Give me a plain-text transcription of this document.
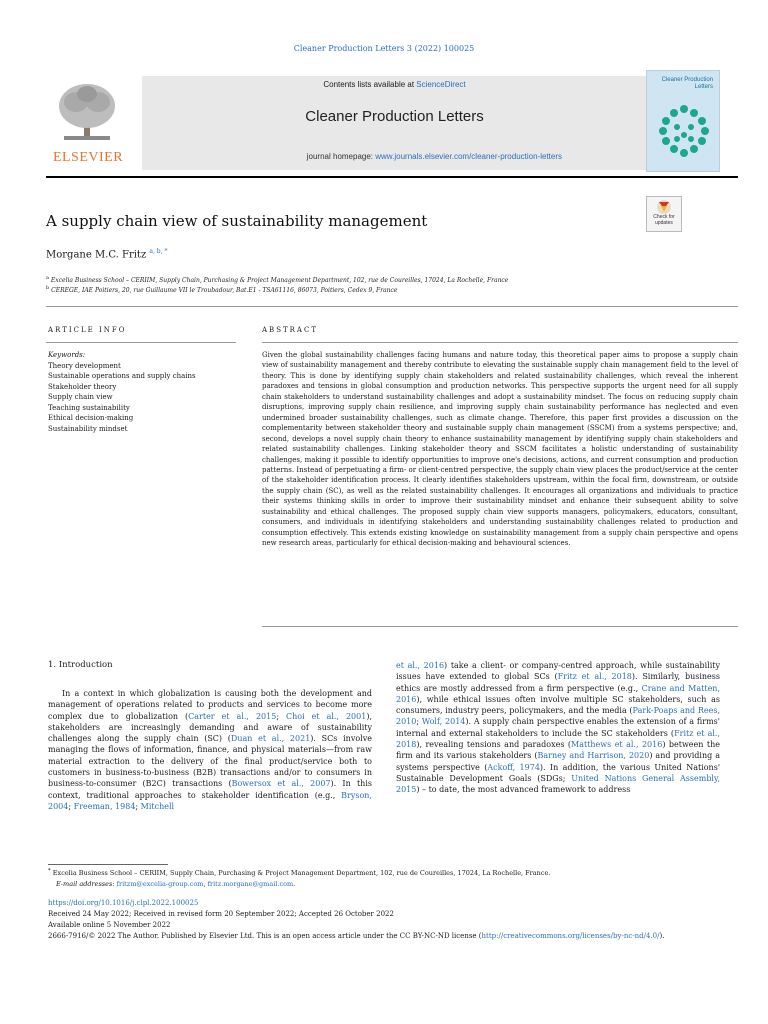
Cleaner Production Letters 3 (2022) 100025
ELSEVIER
Contents lists available at ScienceDirect
Cleaner Production Letters
journal homepage: www.journals.elsevier.com/cleaner-production-letters
Cleaner Production Letters
A supply chain view of sustainability management	Check for updates
Morgane M.C. Fritz $^{a, b, *}$
$^a$ Excelia Business School – CERIIM, Supply Chain, Purchasing & Project Management Department, 102, rue de Coureilles, 17024, La Rochelle, France
$^b$ CEREGE, IAE Poitiers, 20, rue Guillaume VII le Troubadour, Bat.E1 - TSA61116, 86073, Poitiers, Cedex 9, France
ARTICLE INFO	ABSTRACT
Keywords:
Theory development
Sustainable operations and supply chains
Stakeholder theory
Supply chain view
Teaching sustainability
Ethical decision-making
Sustainability mindset
Given the global sustainability challenges facing humans and nature today, this theoretical paper aims to propose a supply chain view of sustainability management and thereby contribute to elevating the sustainable supply chain management field to the level of theory. This is done by identifying supply chain stakeholders and related sustainability challenges, which reveal the inherent paradoxes and tensions in global consumption and production networks. This perspective supports the urgent need for all supply chain stakeholders to understand sustainability challenges and adopt a sustainability mindset. The focus on reducing supply chain disruptions, improving supply chain resilience, and improving supply chain sustainability performance has neglected and even undermined broader sustainability challenges, such as climate change. Therefore, this paper first provides a discussion on the complementarity between stakeholder theory and sustainable supply chain management (SSCM) from a systems perspective; and, second, develops a novel supply chain theory to enhance sustainability management by identifying supply chain stakeholders and related sustainability challenges. Linking stakeholder theory and SSCM facilitates a holistic understanding of sustainability challenges, making it possible to identify opportunities to improve one's decisions, actions, and current consumption and production patterns. Instead of perpetuating a firm- or client-centred perspective, the supply chain view places the product/service at the center of the stakeholder identification process. It clearly identifies stakeholders upstream, within the focal firm, downstream, or outside the supply chain (SC), as well as the related sustainability challenges. It encourages all organizations and individuals to practice their systems thinking skills in order to improve their sustainability mindset and enhance their subsequent ability to solve sustainability and ethical challenges. The proposed supply chain view supports managers, policymakers, educators, consultant, consumers, and individuals in identifying stakeholders and understanding sustainability challenges related to production and consumption effectively. This extends existing knowledge on sustainability management from a supply chain perspective and opens new research areas, particularly for ethical decision-making and behavioural sciences.
1. Introduction
In a context in which globalization is causing both the development and management of operations related to products and services to become more complex due to globalization (Carter et al., 2015; Choi et al., 2001), stakeholders are increasingly demanding and aware of sustainability challenges along the supply chain (SC) (Duan et al., 2021). SCs involve managing the flows of information, finance, and physical materials—from raw material extraction to the delivery of the final product/service both to customers in business-to-business (B2B) transactions and/or to consumers in business-to-consumer (B2C) transactions (Bowersox et al., 2007). In this context, traditional approaches to stakeholder identification (e.g., Bryson, 2004; Freeman, 1984; Mitchell
et al., 2016) take a client- or company-centred approach, while sustainability issues have extended to global SCs (Fritz et al., 2018). Similarly, business ethics are mostly addressed from a firm perspective (e.g., Crane and Matten, 2016), while ethical issues often involve multiple SC stakeholders, such as consumers, industry peers, policymakers, and the media (Park-Poaps and Rees, 2010; Wolf, 2014). A supply chain perspective enables the extension of a firms' internal and external stakeholders to include the SC stakeholders (Fritz et al., 2018), revealing tensions and paradoxes (Matthews et al., 2016) between the firm and its various stakeholders (Barney and Harrison, 2020) and providing a systems perspective (Ackoff, 1974). In addition, the various United Nations' Sustainable Development Goals (SDGs; United Nations General Assembly, 2015) – to date, the most advanced framework to address
* Excelia Business School – CERIIM, Supply Chain, Purchasing & Project Management Department, 102, rue de Coureilles, 17024, La Rochelle, France.
E-mail addresses: fritzm@excelia-group.com, fritz.morgane@gmail.com.
https://doi.org/10.1016/j.clpl.2022.100025
Received 24 May 2022; Received in revised form 20 September 2022; Accepted 26 October 2022
Available online 5 November 2022
2666-7916/© 2022 The Author. Published by Elsevier Ltd. This is an open access article under the CC BY-NC-ND license (http://creativecommons.org/licenses/by-nc-nd/4.0/).
